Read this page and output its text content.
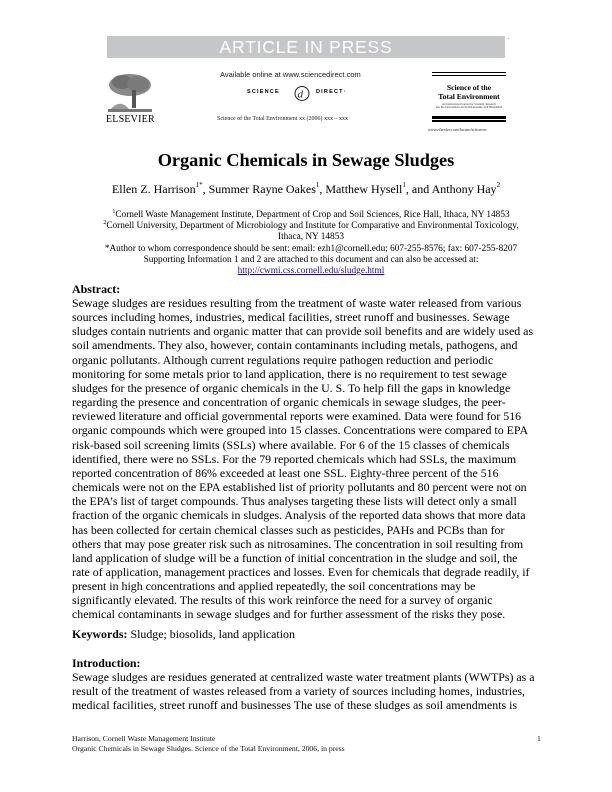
ARTICLE IN PRESS
ELSEVIER
Available online at www.sciencedirect.com
SCIENCE d DIRECT·
Science of the Total Environment xx (2006) xxx – xxx
Science of the
Total Environment
An International Journal for Scientific Research
into the Environment and its Relationship with Humankind
www.elsevier.com/locate/scitotenv
Organic Chemicals in Sewage Sludges
Ellen Z. Harrison$^{1*}$, Summer Rayne Oakes$^1$, Matthew Hysell$^1$, and Anthony Hay$^2$
$^1$Cornell Waste Management Institute, Department of Crop and Soil Sciences, Rice Hall, Ithaca, NY 14853
$^2$Cornell University, Department of Microbiology and Institute for Comparative and Environmental Toxicology,
Ithaca, NY 14853
*Author to whom correspondence should be sent: email: ezh1@cornell.edu; 607-255-8576; fax: 607-255-8207
Supporting Information 1 and 2 are attached to this document and can also be accessed at:
http://cwmi.css.cornell.edu/sludge.html
Abstract:
Sewage sludges are residues resulting from the treatment of waste water released from various
sources including homes, industries, medical facilities, street runoff and businesses. Sewage
sludges contain nutrients and organic matter that can provide soil benefits and are widely used as
soil amendments. They also, however, contain contaminants including metals, pathogens, and
organic pollutants. Although current regulations require pathogen reduction and periodic
monitoring for some metals prior to land application, there is no requirement to test sewage
sludges for the presence of organic chemicals in the U. S. To help fill the gaps in knowledge
regarding the presence and concentration of organic chemicals in sewage sludges, the peer-
reviewed literature and official governmental reports were examined. Data were found for 516
organic compounds which were grouped into 15 classes. Concentrations were compared to EPA
risk-based soil screening limits (SSLs) where available. For 6 of the 15 classes of chemicals
identified, there were no SSLs. For the 79 reported chemicals which had SSLs, the maximum
reported concentration of 86% exceeded at least one SSL. Eighty-three percent of the 516
chemicals were not on the EPA established list of priority pollutants and 80 percent were not on
the EPA’s list of target compounds. Thus analyses targeting these lists will detect only a small
fraction of the organic chemicals in sludges. Analysis of the reported data shows that more data
has been collected for certain chemical classes such as pesticides, PAHs and PCBs than for
others that may pose greater risk such as nitrosamines. The concentration in soil resulting from
land application of sludge will be a function of initial concentration in the sludge and soil, the
rate of application, management practices and losses. Even for chemicals that degrade readily, if
present in high concentrations and applied repeatedly, the soil concentrations may be
significantly elevated. The results of this work reinforce the need for a survey of organic
chemical contaminants in sewage sludges and for further assessment of the risks they pose.
Keywords: Sludge; biosolids, land application
Introduction:
Sewage sludges are residues generated at centralized waste water treatment plants (WWTPs) as a
result of the treatment of wastes released from a variety of sources including homes, industries,
medical facilities, street runoff and businesses The use of these sludges as soil amendments is
Harrison, Cornell Waste Management Institute
Organic Chemicals in Sewage Sludges. Science of the Total Environment, 2006, in press
1
